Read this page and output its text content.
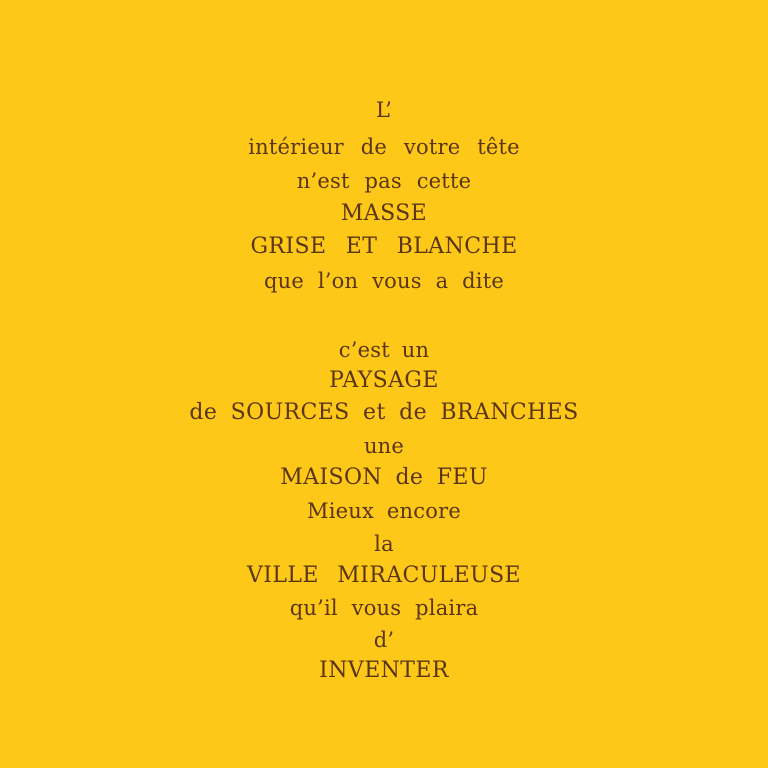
L’
intérieur de votre tête
n’est pas cette
MASSE
GRISE ET BLANCHE
que l’on vous a dite
c’est un
PAYSAGE
de SOURCES et de BRANCHES
une
MAISON de FEU
Mieux encore
la
VILLE MIRACULEUSE
qu’il vous plaira
d’
INVENTER
